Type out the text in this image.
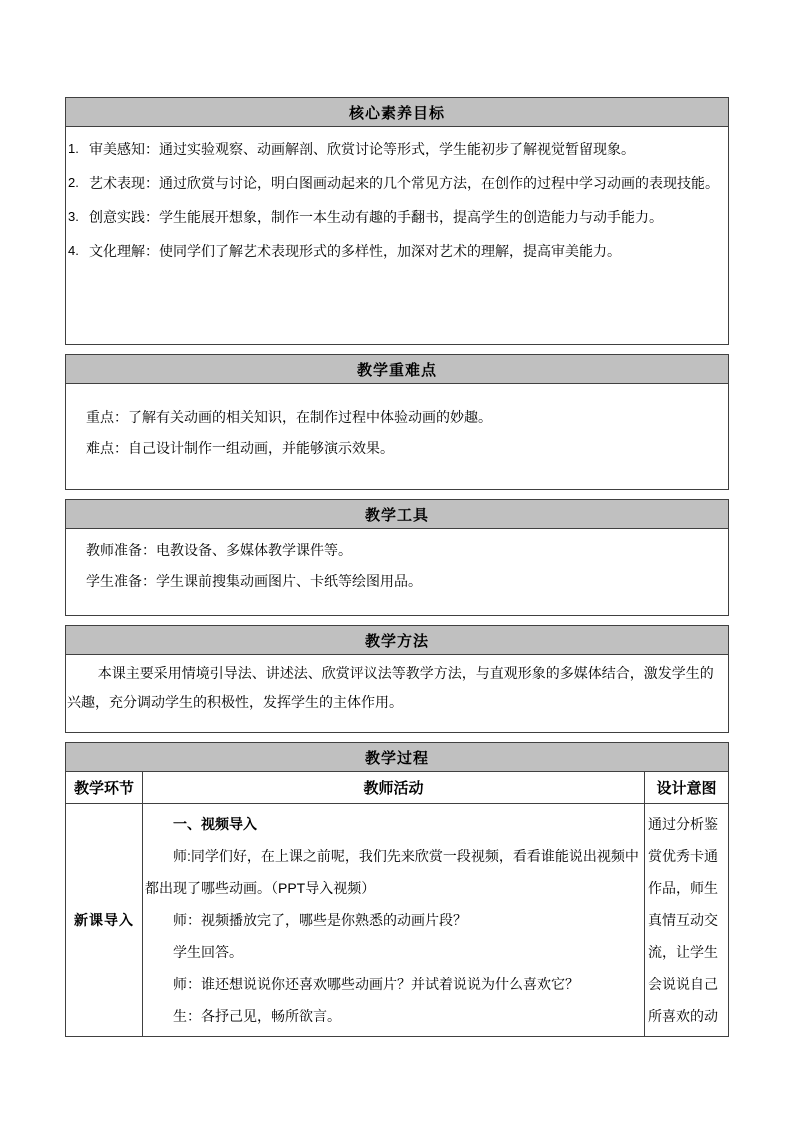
核心素养目标
1. 审美感知：通过实验观察、动画解剖、欣赏讨论等形式，学生能初步了解视觉暂留现象。
2. 艺术表现：通过欣赏与讨论，明白图画动起来的几个常见方法，在创作的过程中学习动画的表现技能。
3. 创意实践：学生能展开想象，制作一本生动有趣的手翻书，提高学生的创造能力与动手能力。
4. 文化理解：使同学们了解艺术表现形式的多样性，加深对艺术的理解，提高审美能力。
教学重难点
重点：了解有关动画的相关知识，在制作过程中体验动画的妙趣。
难点：自己设计制作一组动画，并能够演示效果。
教学工具
教师准备：电教设备、多媒体教学课件等。
学生准备：学生课前搜集动画图片、卡纸等绘图用品。
教学方法

本课主要采用情境引导法、讲述法、欣赏评议法等教学方法，与直观形象的多媒体结合，激发学生的兴趣，充分调动学生的积极性，发挥学生的主体作用。

教学过程
教学环节	教师活动	设计意图
新课导入

一、视频导入

师:同学们好，在上课之前呢，我们先来欣赏一段视频，看看谁能说出视频中都出现了哪些动画。（PPT导入视频）

师：视频播放完了，哪些是你熟悉的动画片段？

学生回答。

师：谁还想说说你还喜欢哪些动画片？并试着说说为什么喜欢它？

生：各抒己见，畅所欲言。

通过分析鉴赏优秀卡通作品，师生真情互动交流，让学生会说说自己所喜欢的动
